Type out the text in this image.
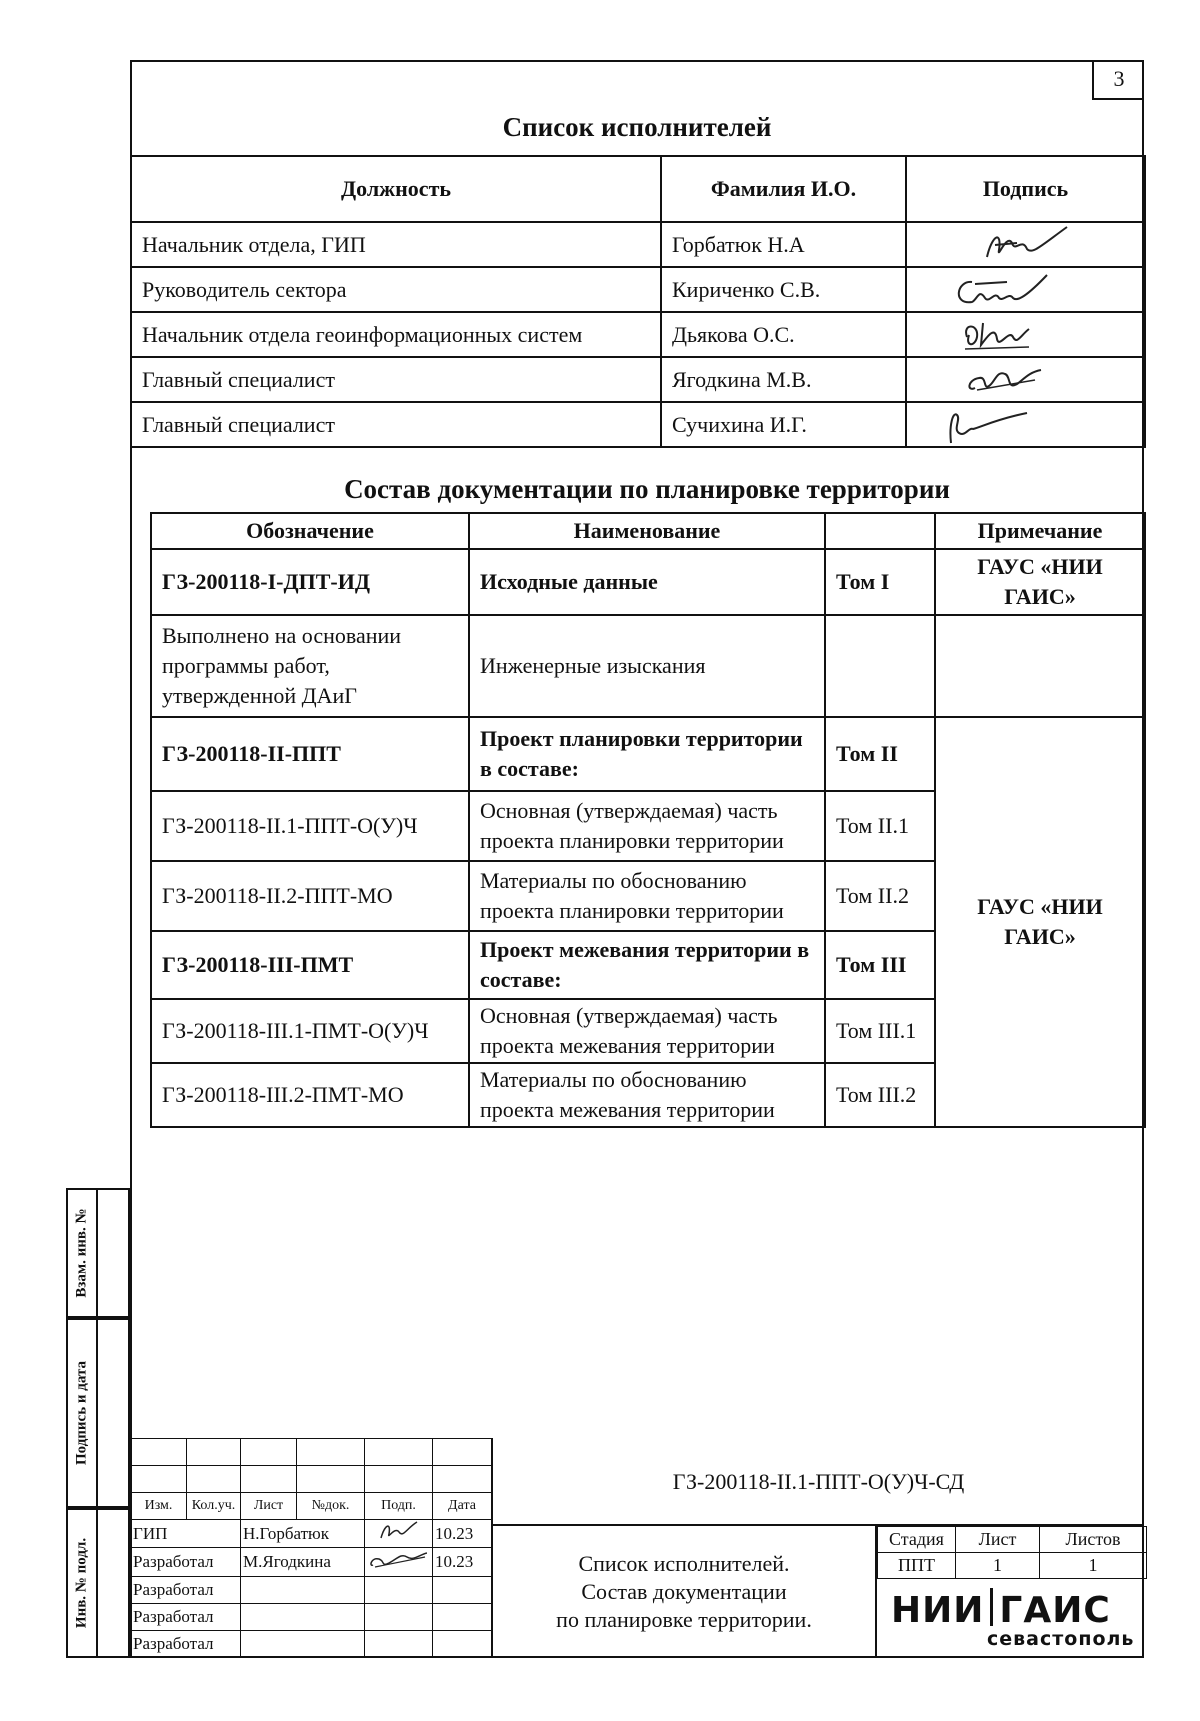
3
Список исполнителей
Должность	Фамилия И.О.	Подпись
Начальник отдела, ГИП	Горбатюк Н.А	

Руководитель сектора	Кириченко С.В.	

Начальник отдела геоинформационных систем	Дьякова О.С.	

Главный специалист	Ягодкина М.В.	

Главный специалист	Сучихина И.Г.	
Состав документации по планировке территории
Обозначение	Наименование		Примечание
ГЗ-200118-I-ДПТ-ИД	Исходные данные	Том I	ГАУС «НИИ ГАИС»
Выполнено на основании программы работ, утвержденной ДАиГ	Инженерные изыскания		
ГЗ-200118-II-ППТ	Проект планировки территории в составе:	Том II	ГАУС «НИИ ГАИС»
ГЗ-200118-II.1-ППТ-О(У)Ч	Основная (утверждаемая) часть проекта планировки территории	Том II.1	
ГЗ-200118-II.2-ППТ-МО	Материалы по обоснованию проекта планировки территории	Том II.2	
ГЗ-200118-III-ПМТ	Проект межевания территории в составе:	Том III	
ГЗ-200118-III.1-ПМТ-О(У)Ч	Основная (утверждаемая) часть проекта межевания территории	Том III.1	
ГЗ-200118-III.2-ПМТ-МО	Материалы по обоснованию проекта межевания территории	Том III.2	
Взам. инв. №
Подпись и дата
Инв. № подл.

Изм.	Кол.уч.	Лист	№док.	Подп.	Дата
ГИП		Н.Горбатюк			10.23
Разработал		М.Ягодкина			10.23
Разработал					
Разработал					
Разработал					
ГЗ-200118-II.1-ППТ-О(У)Ч-СД
Список исполнителей.
Состав документации
по планировке территории.
Стадия	Лист	Листов
ППТ	1	1
НИИ ГАИС
севастополь
